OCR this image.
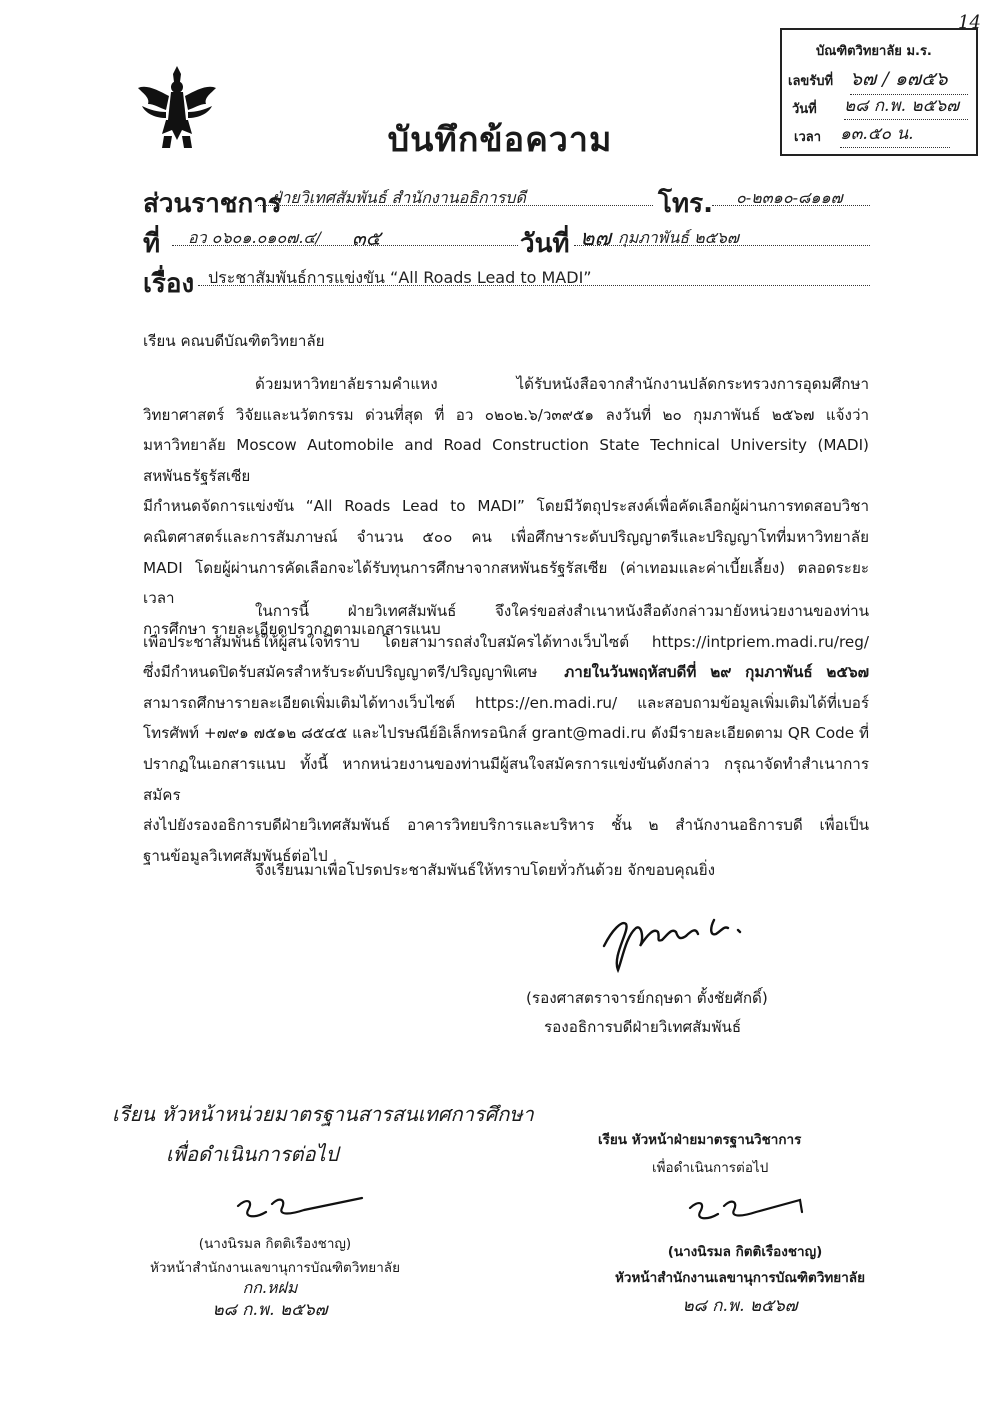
บัณฑิตวิทยาลัย ม.ร.
เลขรับที่ ๖๗ / ๑๗๕๖
วันที่ ๒๘ ก.พ. ๒๕๖๗
เวลา ๑๓.๕๐ น.
14
บันทึกข้อความ
ส่วนราชการ
ฝ่ายวิเทศสัมพันธ์ สำนักงานอธิการบดี	โทร. ๐-๒๓๑๐-๘๑๑๗
ที่ อว ๐๖๐๑.๐๑๐๗.๔/ ๓๕	วันที่ ๒๗ กุมภาพันธ์ ๒๕๖๗
เรื่อง ประชาสัมพันธ์การแข่งขัน “All Roads Lead to MADI”
เรียน คณบดีบัณฑิตวิทยาลัย
ด้วยมหาวิทยาลัยรามคำแหง ได้รับหนังสือจากสำนักงานปลัดกระทรวงการอุดมศึกษา
วิทยาศาสตร์ วิจัยและนวัตกรรม ด่วนที่สุด ที่ อว ๐๒๐๒.๖/ว๓๙๕๑ ลงวันที่ ๒๐ กุมภาพันธ์ ๒๕๖๗ แจ้งว่า
มหาวิทยาลัย Moscow Automobile and Road Construction State Technical University (MADI) สหพันธรัฐรัสเซีย
มีกำหนดจัดการแข่งขัน “All Roads Lead to MADI” โดยมีวัตถุประสงค์เพื่อคัดเลือกผู้ผ่านการทดสอบวิชา
คณิตศาสตร์และการสัมภาษณ์ จำนวน ๕๐๐ คน เพื่อศึกษาระดับปริญญาตรีและปริญญาโทที่มหาวิทยาลัย
MADI โดยผู้ผ่านการคัดเลือกจะได้รับทุนการศึกษาจากสหพันธรัฐรัสเซีย (ค่าเทอมและค่าเบี้ยเลี้ยง) ตลอดระยะเวลา
การศึกษา รายละเอียดปรากฏตามเอกสารแนบ
ในการนี้ ฝ่ายวิเทศสัมพันธ์ จึงใคร่ขอส่งสำเนาหนังสือดังกล่าวมายังหน่วยงานของท่าน
เพื่อประชาสัมพันธ์ให้ผู้สนใจทราบ โดยสามารถส่งใบสมัครได้ทางเว็บไซต์ https://intpriem.madi.ru/reg/
ซึ่งมีกำหนดปิดรับสมัครสำหรับระดับปริญญาตรี/ปริญญาพิเศษ ภายในวันพฤหัสบดีที่ ๒๙ กุมภาพันธ์ ๒๕๖๗
สามารถศึกษารายละเอียดเพิ่มเติมได้ทางเว็บไซต์ https://en.madi.ru/ และสอบถามข้อมูลเพิ่มเติมได้ที่เบอร์
โทรศัพท์ +๗๙๑ ๗๕๑๒ ๘๕๔๕ และไปรษณีย์อิเล็กทรอนิกส์ grant@madi.ru ดังมีรายละเอียดตาม QR Code ที่
ปรากฏในเอกสารแนบ ทั้งนี้ หากหน่วยงานของท่านมีผู้สนใจสมัครการแข่งขันดังกล่าว กรุณาจัดทำสำเนาการสมัคร
ส่งไปยังรองอธิการบดีฝ่ายวิเทศสัมพันธ์ อาคารวิทยบริการและบริหาร ชั้น ๒ สำนักงานอธิการบดี เพื่อเป็น
ฐานข้อมูลวิเทศสัมพันธ์ต่อไป
จึงเรียนมาเพื่อโปรดประชาสัมพันธ์ให้ทราบโดยทั่วกันด้วย จักขอบคุณยิ่ง
(รองศาสตราจารย์กฤษดา ตั้งชัยศักดิ์)
รองอธิการบดีฝ่ายวิเทศสัมพันธ์
เรียน หัวหน้าหน่วยมาตรฐานสารสนเทศการศึกษา
เพื่อดำเนินการต่อไป
(นางนิรมล กิตติเรืองชาญ)
หัวหน้าสำนักงานเลขานุการบัณฑิตวิทยาลัย
กก.หฝม
๒๘ ก.พ. ๒๕๖๗
เรียน หัวหน้าฝ่ายมาตรฐานวิชาการ
เพื่อดำเนินการต่อไป
(นางนิรมล กิตติเรืองชาญ)
หัวหน้าสำนักงานเลขานุการบัณฑิตวิทยาลัย
๒๘ ก.พ. ๒๕๖๗
